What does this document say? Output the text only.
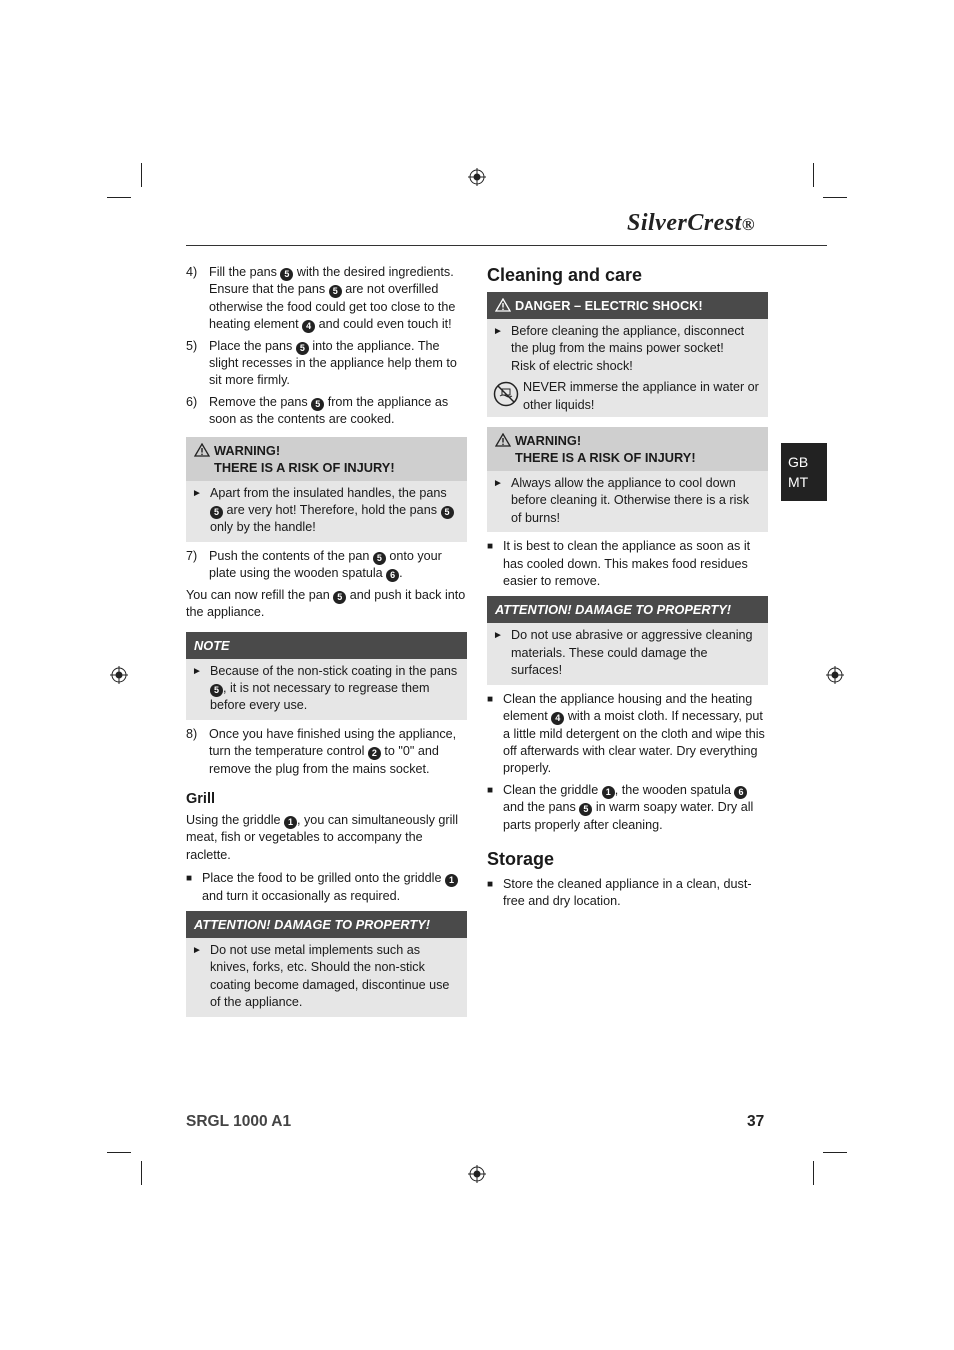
SilverCrest®
GB
MT
4) Fill the pans 5 with the desired ingredients. Ensure that the pans 5 are not overfilled otherwise the food could get too close to the heating element 4 and could even touch it!
5) Place the pans 5 into the appliance. The slight recesses in the appliance help them to sit more firmly.
6) Remove the pans 5 from the appliance as soon as the contents are cooked.
WARNING!
THERE IS A RISK OF INJURY!
► Apart from the insulated handles, the pans 5 are very hot! Therefore, hold the pans 5 only by the handle!
7) Push the contents of the pan 5 onto your plate using the wooden spatula 6 .

You can now refill the pan 5 and push it back into the appliance.

NOTE
► Because of the non-stick coating in the pans 5 , it is not necessary to regrease them before every use.
8) Once you have finished using the appliance, turn the temperature control 2 to "0" and remove the plug from the mains socket.
Grill

Using the griddle 1 , you can simultaneously grill meat, fish or vegetables to accompany the raclette.

■ Place the food to be grilled onto the griddle 1 and turn it occasionally as required.
ATTENTION! DAMAGE TO PROPERTY!
► Do not use metal implements such as knives, forks, etc. Should the non-stick coating become damaged, discontinue use of the appliance.
Cleaning and care
DANGER – ELECTRIC SHOCK!
► Before cleaning the appliance, disconnect the plug from the mains power socket!
Risk of electric shock!
NEVER immerse the appliance in water or other liquids!
WARNING!
THERE IS A RISK OF INJURY!
► Always allow the appliance to cool down before cleaning it. Otherwise there is a risk of burns!
■ It is best to clean the appliance as soon as it has cooled down. This makes food residues easier to remove.
ATTENTION! DAMAGE TO PROPERTY!
► Do not use abrasive or aggressive cleaning materials. These could damage the surfaces!
■ Clean the appliance housing and the heating element 4 with a moist cloth. If necessary, put a little mild detergent on the cloth and wipe this off afterwards with clear water. Dry everything properly.
■ Clean the griddle 1 , the wooden spatula 6 and the pans 5 in warm soapy water. Dry all parts properly after cleaning.
Storage
■ Store the cleaned appliance in a clean, dust-free and dry location.
SRGL 1000 A1	37
